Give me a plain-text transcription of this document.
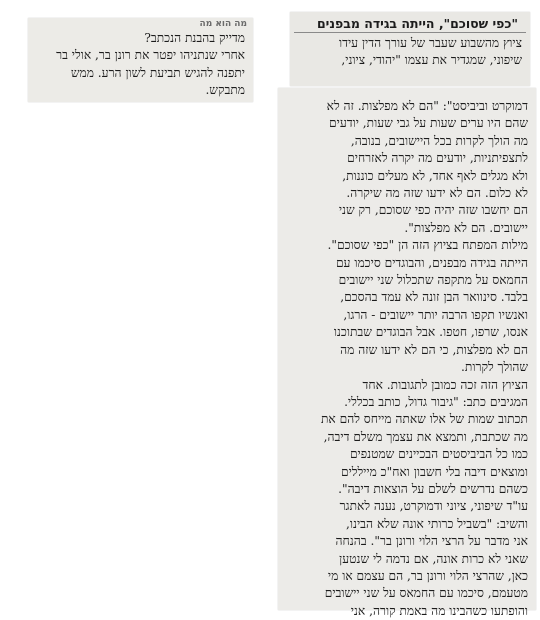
מה הוא מה
מדייק בהבנת הנכתב?
אחרי שנתניהו יפטר את רונן בר, אולי בר
יתפנה להגיש תביעת לשון הרע. ממש
מתבקש.
"כפי שסוכם", הייתה בגידה מבפנים
ציוץ מהשבוע שעבר של עורך הדין עידו
שיפוני, שמגדיר את עצמו "יהודי, ציוני,
דמוקרט וביביסט": "הם לא מפלצות. זה לא
שהם היו ערים שעות על גבי שעות, יודעים
מה הולך לקרות בכל היישובים, בנובה,
לתצפיתניות, יודעים מה יקרה לאזרחים
ולא מגלים לאף אחד, לא מעלים כוננות,
לא כלום. הם לא ידעו שזה מה שיקרה.
הם יחשבו שזה יהיה כפי שסוכם, רק שני
יישובים. הם לא מפלצות".
מילות המפתח בציוץ הזה הן "כפי שסוכם".
הייתה בגידה מבפנים, והבוגדים סיכמו עם
החמאס על מתקפה שתכלול שני יישובים
בלבד. סינוואר הבן זונה לא עמד בהסכם,
ואנשיו תקפו הרבה יותר יישובים - הרגו,
אנסו, שרפו, חטפו. אבל הבוגדים שבתוכנו
הם לא מפלצות, כי הם לא ידעו שזה מה
שהולך לקרות.
הציוץ הזה זכה כמובן לתגובות. אחד
המגיבים כתב: "גיבור גדול, כותב בכללי.
תכתוב שמות של אלו שאתה מייחס להם את
מה שכתבת, ותמצא את עצמך משלם דיבה,
כמו כל הביביסטים הבכיינים שמטנפים
ומוצאים דיבה בלי חשבון ואח"כ מייללים
כשהם נדרשים לשלם על הוצאות דיבה".
עו"ד שיפוני, ציוני ודמוקרט, נענה לאתגר
והשיב: "בשביל כרותי אונה שלא הבינו,
אני מדבר על הרצי הלוי ורונן בר". בהנחה
שאני לא כרות אונה, אם נדמה לי שנטען
כאן, שהרצי הלוי ורונן בר, הם עצמם או מי
מטעמם, סיכמו עם החמאס על שני יישובים
והופתעו כשהבינו מה באמת קורה, אני
